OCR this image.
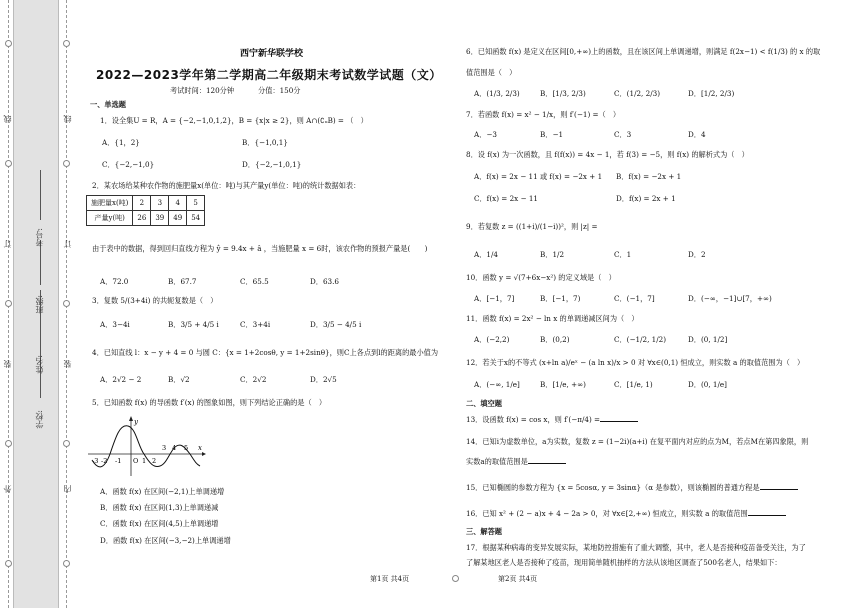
线
订
装
外
线
订
装
内
学校:
姓名:
班级:
考号:
西宁新华联学校
2022—2023学年第二学期高二年级期末考试数学试题（文）
考试时间：120分钟	分值：150分
一、单选题
1．设全集U = R，A = {−2,−1,0,1,2}，B = {x|x ≥ 2}，则 A∩(∁ᵤB) = （　）
A．{1，2}	B．{−1,0,1}
C．{−2,−1,0}	D．{−2,−1,0,1}
2．某农场给某种农作物的施肥量x(单位：吨)与其产量y(单位：吨)的统计数据如表：
施肥量x(吨)	2	3	4	5
产量y(吨)	26	39	49	54
由于表中的数据，得到回归直线方程为 ŷ = 9.4x + â ，当施肥量 x = 6时，该农作物的预报产量是(　　)
A．72.0	B．67.7	C．65.5	D．63.6
3．复数 5/(3+4i) 的共轭复数是（　）
A．3−4i	B．3/5 + 4/5 i	C．3+4i	D．3/5 − 4/5 i
4．已知直线 l：x − y + 4 = 0 与圆 C：{x = 1+2cosθ, y = 1+2sinθ}，则C上各点到l的距离的最小值为
A．2√2 − 2	B．√2	C．2√2	D．2√5
5．已知函数 f(x) 的导函数 f′(x) 的图象如图，则下列结论正确的是（　）
-3 -2 -1 O 1 2
3 4 5 x
y
A．函数 f(x) 在区间(−2,1)上单调递增
B．函数 f(x) 在区间(1,3)上单调递减
C．函数 f(x) 在区间(4,5)上单调递增
D．函数 f(x) 在区间(−3,−2)上单调递增
第1页 共4页
6．已知函数 f(x) 是定义在区间[0,+∞)上的函数，且在该区间上单调递增，则满足 f(2x−1) < f(1/3) 的 x 的取
值范围是（　）
A．(1/3, 2/3)	B．[1/3, 2/3)	C．(1/2, 2/3)	D．[1/2, 2/3)
7．若函数 f(x) = x² − 1/x，则 f′(−1) =（　）
A．−3	B．−1	C．3	D．4
8．设 f(x) 为一次函数，且 f(f(x)) = 4x − 1，若 f(3) = −5，则 f(x) 的解析式为（　）
A．f(x) = 2x − 11 或 f(x) = −2x + 1 B．f(x) = −2x + 1
C．f(x) = 2x − 11	D．f(x) = 2x + 1
9．若复数 z = ((1+i)/(1−i))²，则 |z| =
A．1/4	B．1/2	C．1	D．2
10．函数 y = √(7+6x−x²) 的定义域是（　）
A．[−1，7]	B．[−1，7)	C．(−1，7]	D．(−∞，−1]∪[7，+∞)
11．函数 f(x) = 2x² − ln x 的单调递减区间为（　）
A．(−2,2)	B．(0,2)	C．(−1/2, 1/2)	D．(0, 1/2]
12．若关于x的不等式 (x+ln a)/eˣ − (a ln x)/x > 0 对 ∀x∈(0,1) 恒成立，则实数 a 的取值范围为（　）
A．(−∞, 1/e]	B．[1/e, +∞)	C．[1/e, 1)	D．(0, 1/e]
二、填空题
13．设函数 f(x) = cos x，则 f′(−π/4) =
14．已知i为虚数单位，a为实数，复数 z = (1−2i)(a+i) 在复平面内对应的点为M，若点M在第四象限，则
实数a的取值范围是
15．已知椭圆的参数方程为 {x = 5cosα, y = 3sinα}（α 是参数），则该椭圆的普通方程是
16．已知 x² + (2 − a)x + 4 − 2a > 0，对 ∀x∈[2,+∞) 恒成立，则实数 a 的取值范围
三、解答题
17．根据某种病毒的变异发展实际，某地防控措施有了重大调整，其中，老人是否接种疫苗备受关注，为了
了解某地区老人是否接种了疫苗，现用简单随机抽样的方法从该地区调查了500名老人，结果如下：
第2页 共4页
